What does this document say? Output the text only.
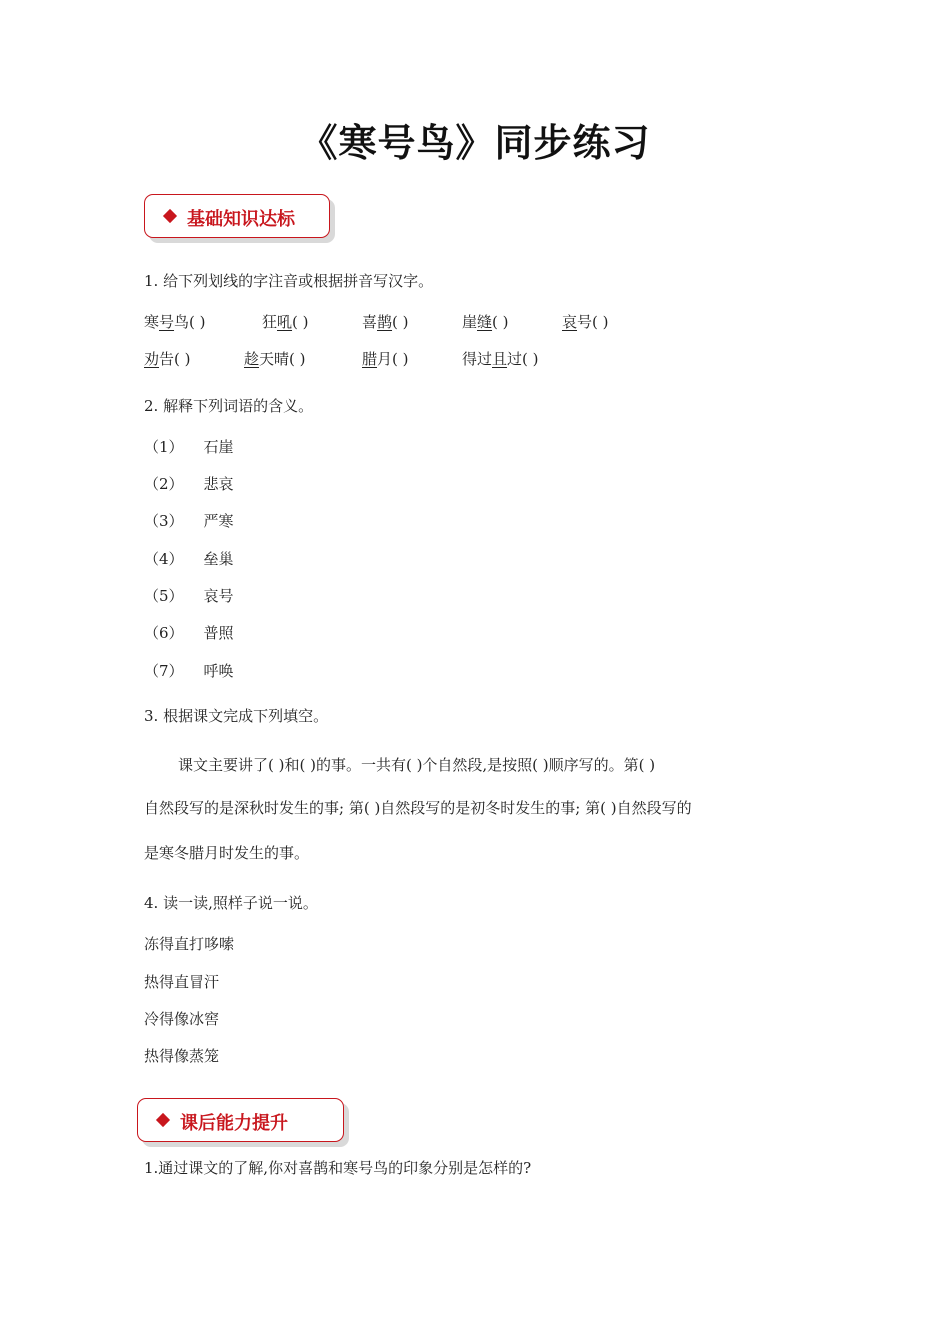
《寒号鸟》同步练习
基础知识达标
1. 给下列划线的字注音或根据拼音写汉字。
寒号鸟( )	狂吼( )	喜鹊( )	崖缝( )	哀号( )
劝告( )	趁天晴( )	腊月( )	得过且过( )
2. 解释下列词语的含义。
（1） 石崖
（2） 悲哀
（3） 严寒
（4） 垒巢
（5） 哀号
（6） 普照
（7） 呼唤
3. 根据课文完成下列填空。
课文主要讲了( )和( )的事。一共有( )个自然段,是按照( )顺序写的。第( )
自然段写的是深秋时发生的事; 第( )自然段写的是初冬时发生的事; 第( )自然段写的
是寒冬腊月时发生的事。
4. 读一读,照样子说一说。
冻得直打哆嗦
热得直冒汗
冷得像冰窖
热得像蒸笼
课后能力提升
1.通过课文的了解,你对喜鹊和寒号鸟的印象分别是怎样的?
